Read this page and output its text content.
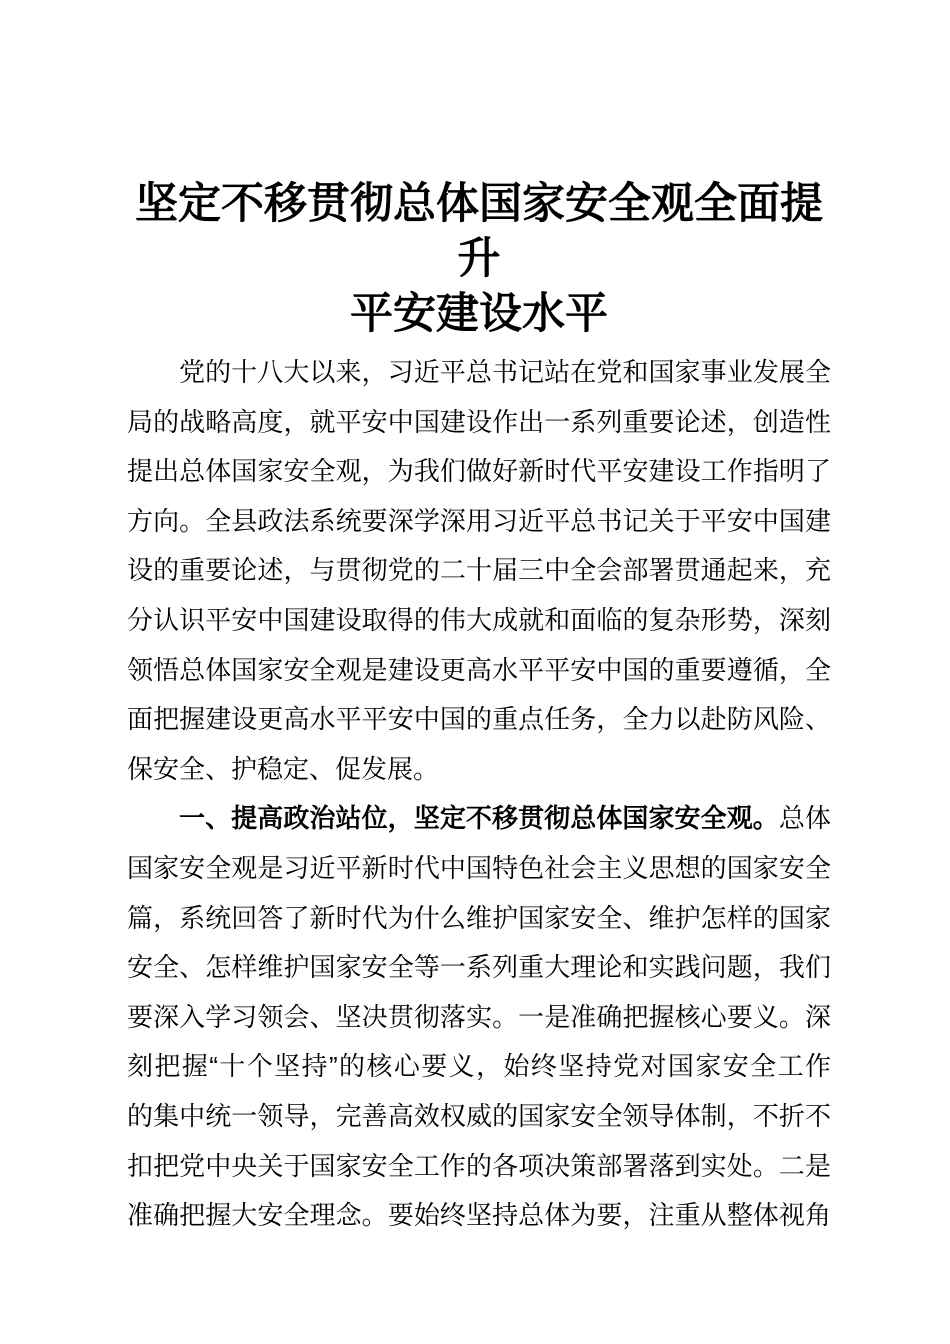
坚定不移贯彻总体国家安全观全面提升
平安建设水平
党的十八大以来，习近平总书记站在党和国家事业发展全
局的战略高度，就平安中国建设作出一系列重要论述，创造性
提出总体国家安全观，为我们做好新时代平安建设工作指明了
方向。全县政法系统要深学深用习近平总书记关于平安中国建
设的重要论述，与贯彻党的二十届三中全会部署贯通起来，充
分认识平安中国建设取得的伟大成就和面临的复杂形势，深刻
领悟总体国家安全观是建设更高水平平安中国的重要遵循，全
面把握建设更高水平平安中国的重点任务，全力以赴防风险、
保安全、护稳定、促发展。
一、提高政治站位，坚定不移贯彻总体国家安全观。总体
国家安全观是习近平新时代中国特色社会主义思想的国家安全
篇，系统回答了新时代为什么维护国家安全、维护怎样的国家
安全、怎样维护国家安全等一系列重大理论和实践问题，我们
要深入学习领会、坚决贯彻落实。一是准确把握核心要义。深
刻把握“十个坚持”的核心要义，始终坚持党对国家安全工作
的集中统一领导，完善高效权威的国家安全领导体制，不折不
扣把党中央关于国家安全工作的各项决策部署落到实处。二是
准确把握大安全理念。要始终坚持总体为要，注重从整体视角
